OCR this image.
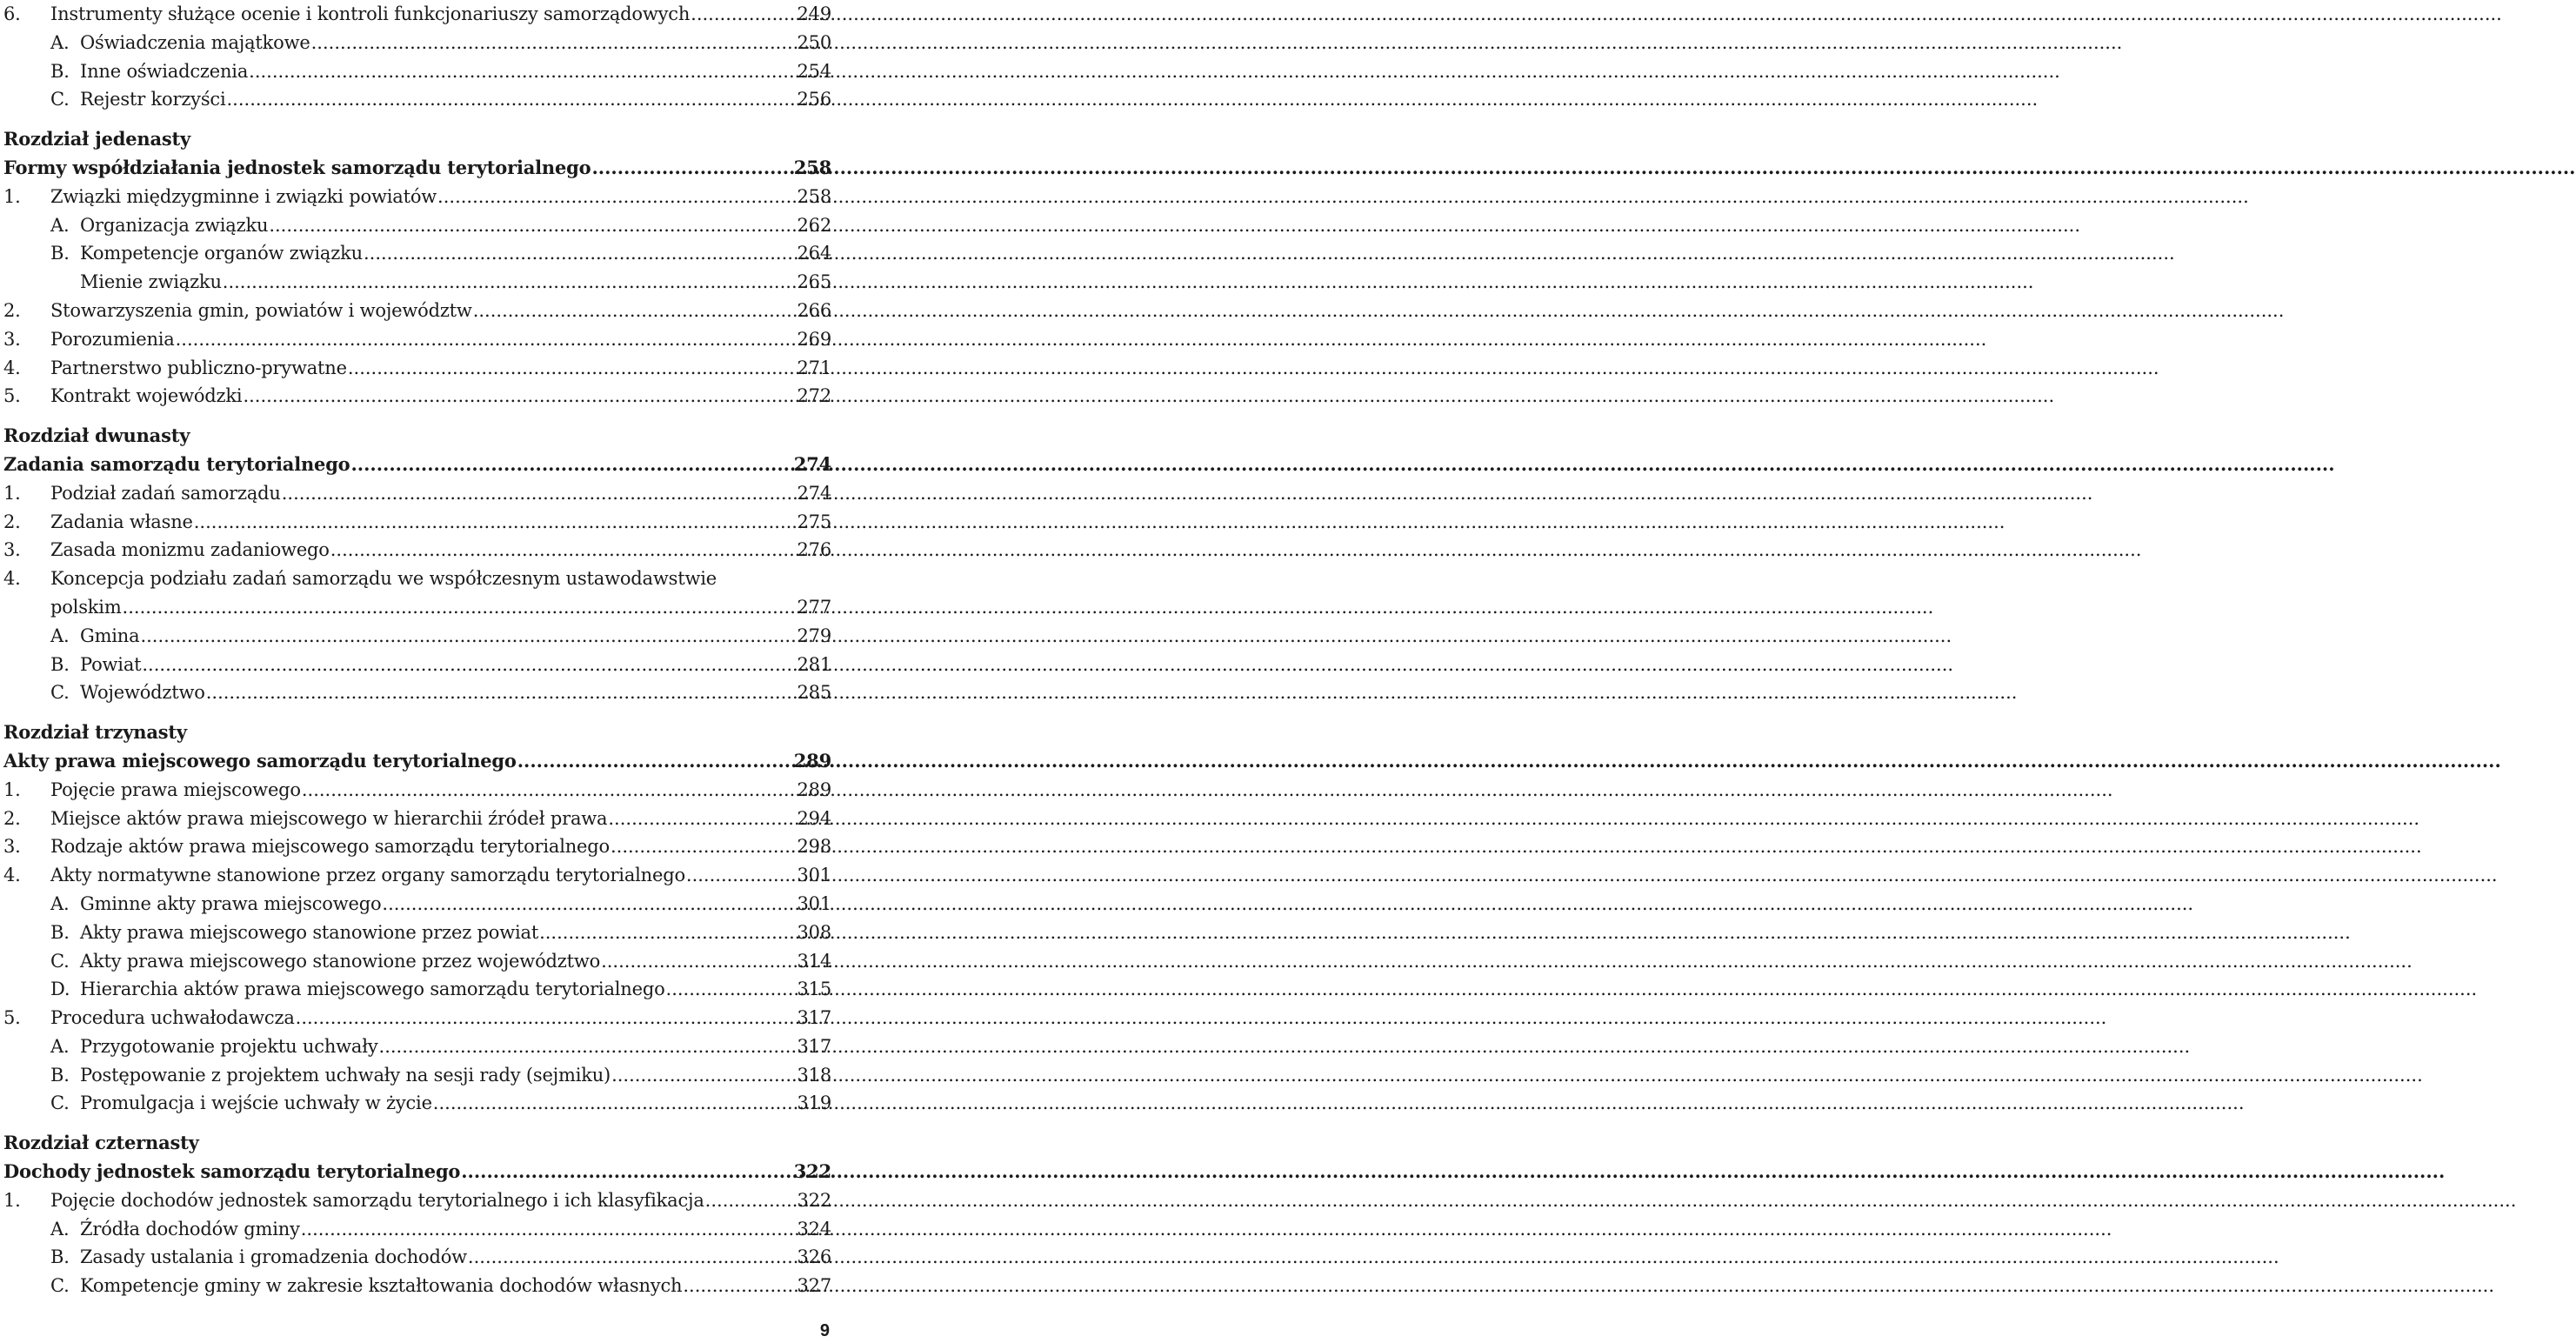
6.	Instrumenty służące ocenie i kontroli funkcjonariuszy samorządowych .....	249
A. Oświadczenia majątkowe .....	250
B. Inne oświadczenia .....	254
C. Rejestr korzyści .....	256
Rozdział jedenasty
Formy współdziałania jednostek samorządu terytorialnego .....	258
1.	Związki międzygminne i związki powiatów .....	258
A. Organizacja związku .....	262
B. Kompetencje organów związku .....	264
Mienie związku .....	265
2.	Stowarzyszenia gmin, powiatów i województw .....	266
3.	Porozumienia .....	269
4.	Partnerstwo publiczno-prywatne .....	271
5.	Kontrakt wojewódzki .....	272
Rozdział dwunasty
Zadania samorządu terytorialnego .....	274
1.	Podział zadań samorządu .....	274
2.	Zadania własne .....	275
3.	Zasada monizmu zadaniowego .....	276
4.	Koncepcja podziału zadań samorządu we współczesnym ustawodawstwie
polskim .....	277
A. Gmina .....	279
B. Powiat .....	281
C. Województwo .....	285
Rozdział trzynasty
Akty prawa miejscowego samorządu terytorialnego .....	289
1.	Pojęcie prawa miejscowego .....	289
2.	Miejsce aktów prawa miejscowego w hierarchii źródeł prawa .....	294
3.	Rodzaje aktów prawa miejscowego samorządu terytorialnego .....	298
4.	Akty normatywne stanowione przez organy samorządu terytorialnego .....	301
A. Gminne akty prawa miejscowego .....	301
B. Akty prawa miejscowego stanowione przez powiat .....	308
C. Akty prawa miejscowego stanowione przez województwo .....	314
D. Hierarchia aktów prawa miejscowego samorządu terytorialnego .....	315
5.	Procedura uchwałodawcza .....	317
A. Przygotowanie projektu uchwały .....	317
B. Postępowanie z projektem uchwały na sesji rady (sejmiku) .....	318
C. Promulgacja i wejście uchwały w życie .....	319
Rozdział czternasty
Dochody jednostek samorządu terytorialnego .....	322
1.	Pojęcie dochodów jednostek samorządu terytorialnego i ich klasyfikacja .....	322
A. Źródła dochodów gminy .....	324
B. Zasady ustalania i gromadzenia dochodów .....	326
C. Kompetencje gminy w zakresie kształtowania dochodów własnych .....	327
9
